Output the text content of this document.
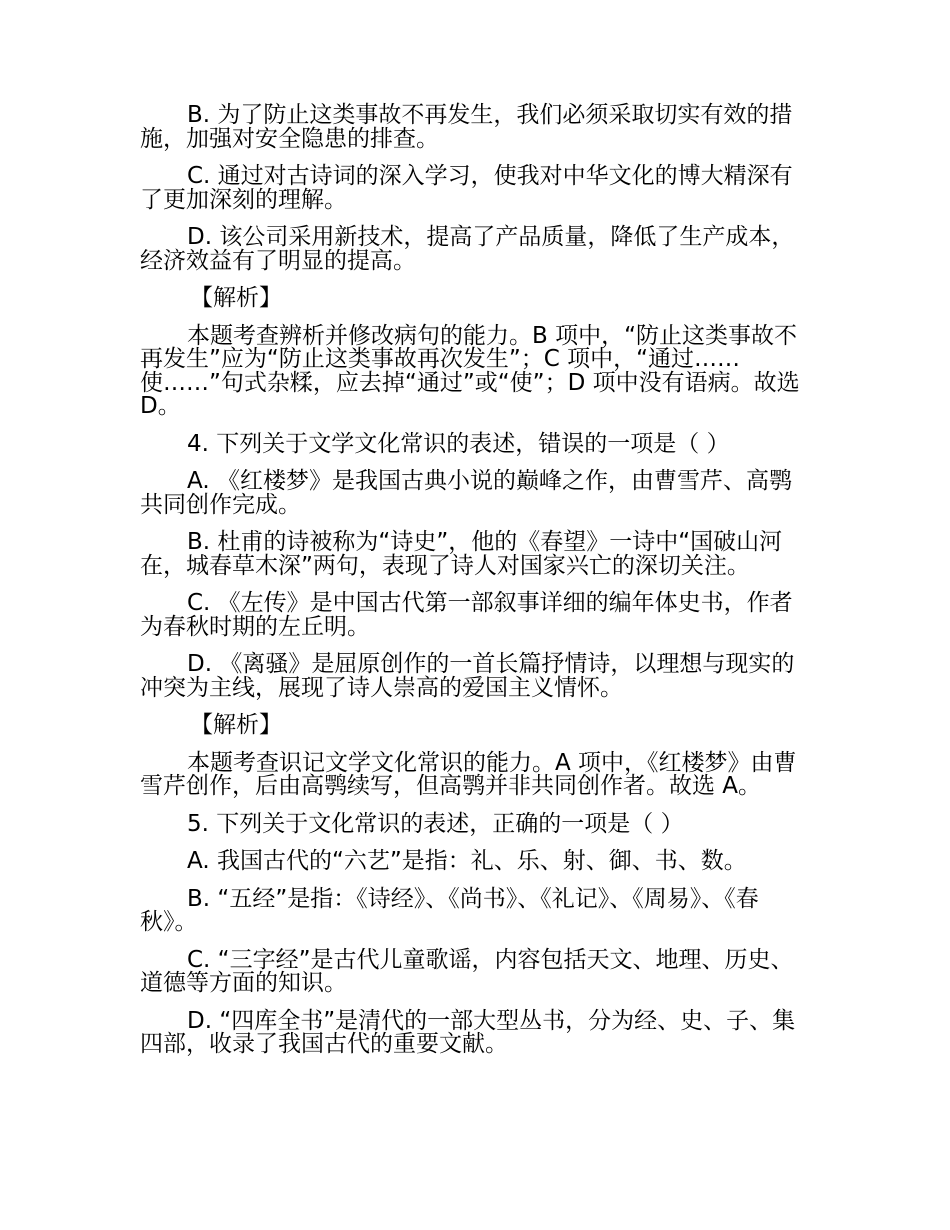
B. 为了防止这类事故不再发生，我们必须采取切实有效的措施，加强对安全隐患的排查。

C. 通过对古诗词的深入学习，使我对中华文化的博大精深有了更加深刻的理解。

D. 该公司采用新技术，提高了产品质量，降低了生产成本，经济效益有了明显的提高。

【解析】

本题考查辨析并修改病句的能力。B 项中，“防止这类事故不再发生”应为“防止这类事故再次发生”；C 项中，“通过……使……”句式杂糅，应去掉“通过”或“使”；D 项中没有语病。故选 D。

4. 下列关于文学文化常识的表述，错误的一项是（ ）

A. 《红楼梦》是我国古典小说的巅峰之作，由曹雪芹、高鹗共同创作完成。

B. 杜甫的诗被称为“诗史”，他的《春望》一诗中“国破山河在，城春草木深”两句，表现了诗人对国家兴亡的深切关注。

C. 《左传》是中国古代第一部叙事详细的编年体史书，作者为春秋时期的左丘明。

D. 《离骚》是屈原创作的一首长篇抒情诗，以理想与现实的冲突为主线，展现了诗人崇高的爱国主义情怀。

【解析】

本题考查识记文学文化常识的能力。A 项中，《红楼梦》由曹雪芹创作，后由高鹗续写，但高鹗并非共同创作者。故选 A。

5. 下列关于文化常识的表述，正确的一项是（ ）

A. 我国古代的“六艺”是指：礼、乐、射、御、书、数。

B. “五经”是指：《诗经》、《尚书》、《礼记》、《周易》、《春秋》。

C. “三字经”是古代儿童歌谣，内容包括天文、地理、历史、道德等方面的知识。

D. “四库全书”是清代的一部大型丛书，分为经、史、子、集四部，收录了我国古代的重要文献。
